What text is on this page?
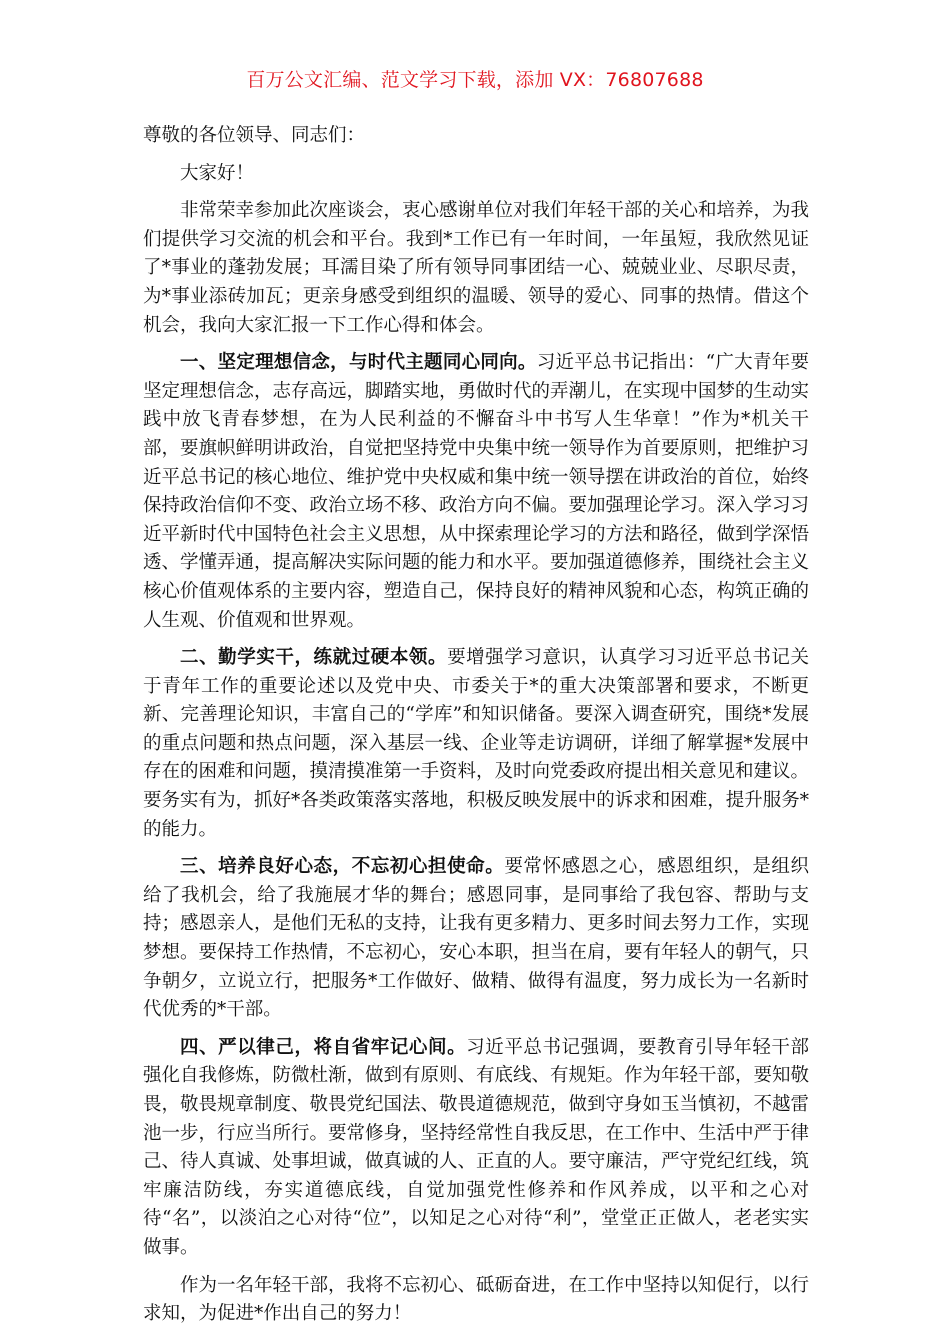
百万公文汇编、范文学习下载，添加 VX：76807688

尊敬的各位领导、同志们：

大家好！

非常荣幸参加此次座谈会，衷心感谢单位对我们年轻干部的关心和培养，为我们提供学习交流的机会和平台。我到*工作已有一年时间，一年虽短，我欣然见证了*事业的蓬勃发展；耳濡目染了所有领导同事团结一心、兢兢业业、尽职尽责，为*事业添砖加瓦；更亲身感受到组织的温暖、领导的爱心、同事的热情。借这个机会，我向大家汇报一下工作心得和体会。

一、坚定理想信念，与时代主题同心同向。习近平总书记指出：“广大青年要坚定理想信念，志存高远，脚踏实地，勇做时代的弄潮儿，在实现中国梦的生动实践中放飞青春梦想，在为人民利益的不懈奋斗中书写人生华章！”作为*机关干部，要旗帜鲜明讲政治，自觉把坚持党中央集中统一领导作为首要原则，把维护习近平总书记的核心地位、维护党中央权威和集中统一领导摆在讲政治的首位，始终保持政治信仰不变、政治立场不移、政治方向不偏。要加强理论学习。深入学习习近平新时代中国特色社会主义思想，从中探索理论学习的方法和路径，做到学深悟透、学懂弄通，提高解决实际问题的能力和水平。要加强道德修养，围绕社会主义核心价值观体系的主要内容，塑造自己，保持良好的精神风貌和心态，构筑正确的人生观、价值观和世界观。

二、勤学实干，练就过硬本领。要增强学习意识，认真学习习近平总书记关于青年工作的重要论述以及党中央、市委关于*的重大决策部署和要求，不断更新、完善理论知识，丰富自己的“学库”和知识储备。要深入调查研究，围绕*发展的重点问题和热点问题，深入基层一线、企业等走访调研，详细了解掌握*发展中存在的困难和问题，摸清摸准第一手资料，及时向党委政府提出相关意见和建议。要务实有为，抓好*各类政策落实落地，积极反映发展中的诉求和困难，提升服务*的能力。

三、培养良好心态，不忘初心担使命。要常怀感恩之心，感恩组织，是组织给了我机会，给了我施展才华的舞台；感恩同事，是同事给了我包容、帮助与支持；感恩亲人，是他们无私的支持，让我有更多精力、更多时间去努力工作，实现梦想。要保持工作热情，不忘初心，安心本职，担当在肩，要有年轻人的朝气，只争朝夕，立说立行，把服务*工作做好、做精、做得有温度，努力成长为一名新时代优秀的*干部。

四、严以律己，将自省牢记心间。习近平总书记强调，要教育引导年轻干部强化自我修炼，防微杜渐，做到有原则、有底线、有规矩。作为年轻干部，要知敬畏，敬畏规章制度、敬畏党纪国法、敬畏道德规范，做到守身如玉当慎初，不越雷池一步，行应当所行。要常修身，坚持经常性自我反思，在工作中、生活中严于律己、待人真诚、处事坦诚，做真诚的人、正直的人。要守廉洁，严守党纪红线，筑牢廉洁防线，夯实道德底线，自觉加强党性修养和作风养成，以平和之心对待“名”，以淡泊之心对待“位”，以知足之心对待“利”，堂堂正正做人，老老实实做事。

作为一名年轻干部，我将不忘初心、砥砺奋进，在工作中坚持以知促行，以行求知，为促进*作出自己的努力！
